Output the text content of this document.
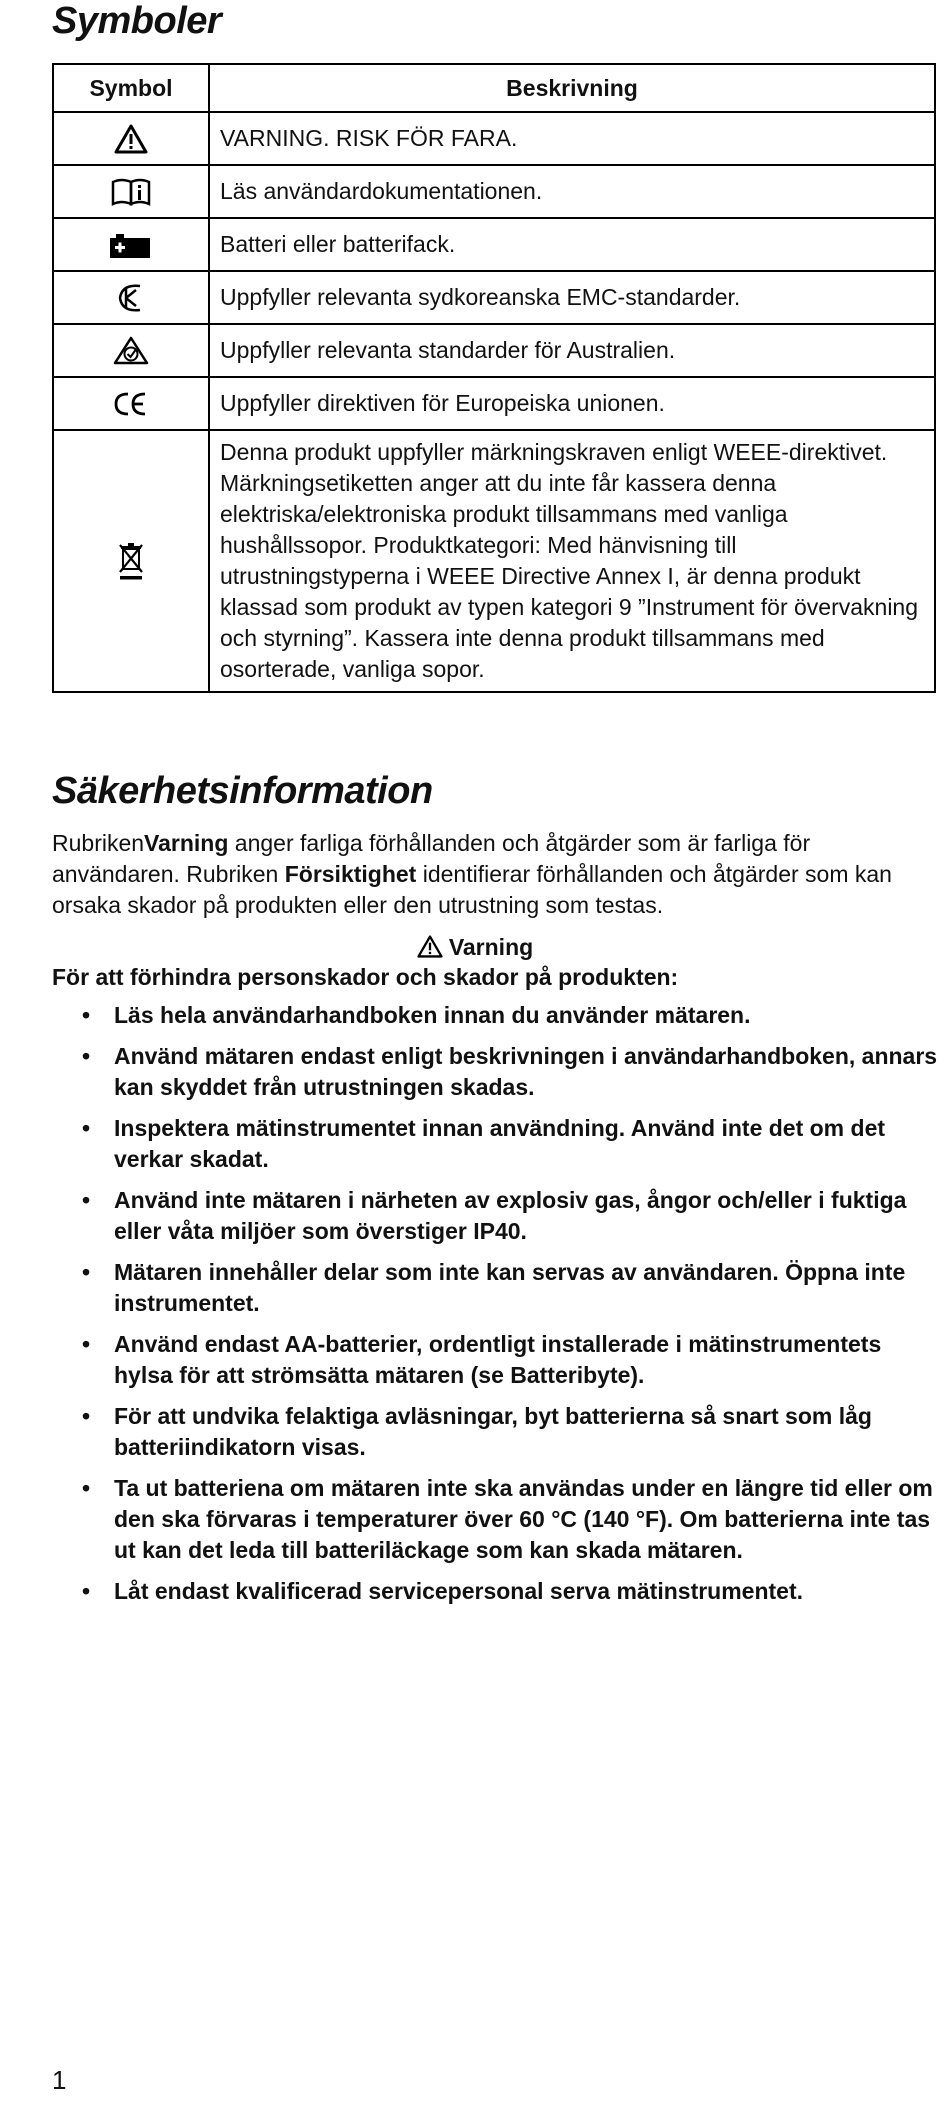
Symboler
Symbol	Beskrivning
	VARNING. RISK FÖR FARA.
	Läs användardokumentationen.
	Batteri eller batterifack.
	Uppfyller relevanta sydkoreanska EMC-standarder.
	Uppfyller relevanta standarder för Australien.
	Uppfyller direktiven för Europeiska unionen.
	Denna produkt uppfyller märkningskraven enligt WEEE-direktivet. Märkningsetiketten anger att du inte får kassera denna elektriska/elektroniska produkt tillsammans med vanliga hushållssopor. Produktkategori: Med hänvisning till utrustningstyperna i WEEE Directive Annex I, är denna produkt klassad som produkt av typen kategori 9 ”Instrument för övervakning och styrning”. Kassera inte denna produkt tillsammans med osorterade, vanliga sopor.
Säkerhetsinformation
RubrikenVarning anger farliga förhållanden och åtgärder som är farliga för användaren. Rubriken Försiktighet identifierar förhållanden och åtgärder som kan orsaka skador på produkten eller den utrustning som testas.
Varning
För att förhindra personskador och skador på produkten:
• Läs hela användarhandboken innan du använder mätaren.
• Använd mätaren endast enligt beskrivningen i användarhandboken, annars kan skyddet från utrustningen skadas.
• Inspektera mätinstrumentet innan användning. Använd inte det om det verkar skadat.
• Använd inte mätaren i närheten av explosiv gas, ångor och/eller i fuktiga eller våta miljöer som överstiger IP40.
• Mätaren innehåller delar som inte kan servas av användaren. Öppna inte instrumentet.
• Använd endast AA-batterier, ordentligt installerade i mätinstrumentets hylsa för att strömsätta mätaren (se Batteribyte).
• För att undvika felaktiga avläsningar, byt batterierna så snart som låg batteriindikatorn visas.
• Ta ut batteriena om mätaren inte ska användas under en längre tid eller om den ska förvaras i temperaturer över 60 °C (140 °F). Om batterierna inte tas ut kan det leda till batteriläckage som kan skada mätaren.
• Låt endast kvalificerad servicepersonal serva mätinstrumentet.
1
